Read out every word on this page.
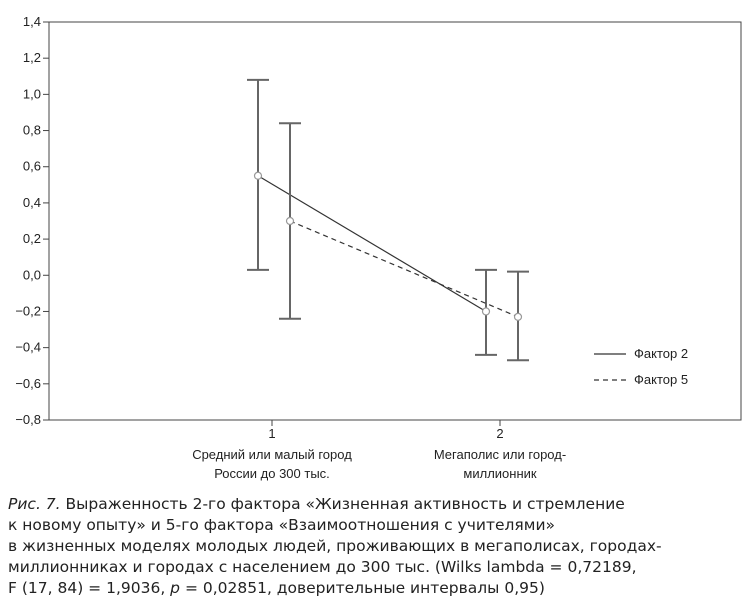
1,4
1,2
1,0
0,8
0,6
0,4
0,2
0,0
−0,2
−0,4
−0,6
−0,8
1
Средний или малый город
России до 300 тыс.
2
Мегаполис или город-
миллионник
Фактор 2
Фактор 5
Рис. 7. Выраженность 2-го фактора «Жизненная активность и стремление
к новому опыту» и 5-го фактора «Взаимоотношения с учителями»
в жизненных моделях молодых людей, проживающих в мегаполисах, городах-
миллионниках и городах с населением до 300 тыс. (Wilks lambda = 0,72189,
F (17, 84) = 1,9036, p = 0,02851, доверительные интервалы 0,95)
